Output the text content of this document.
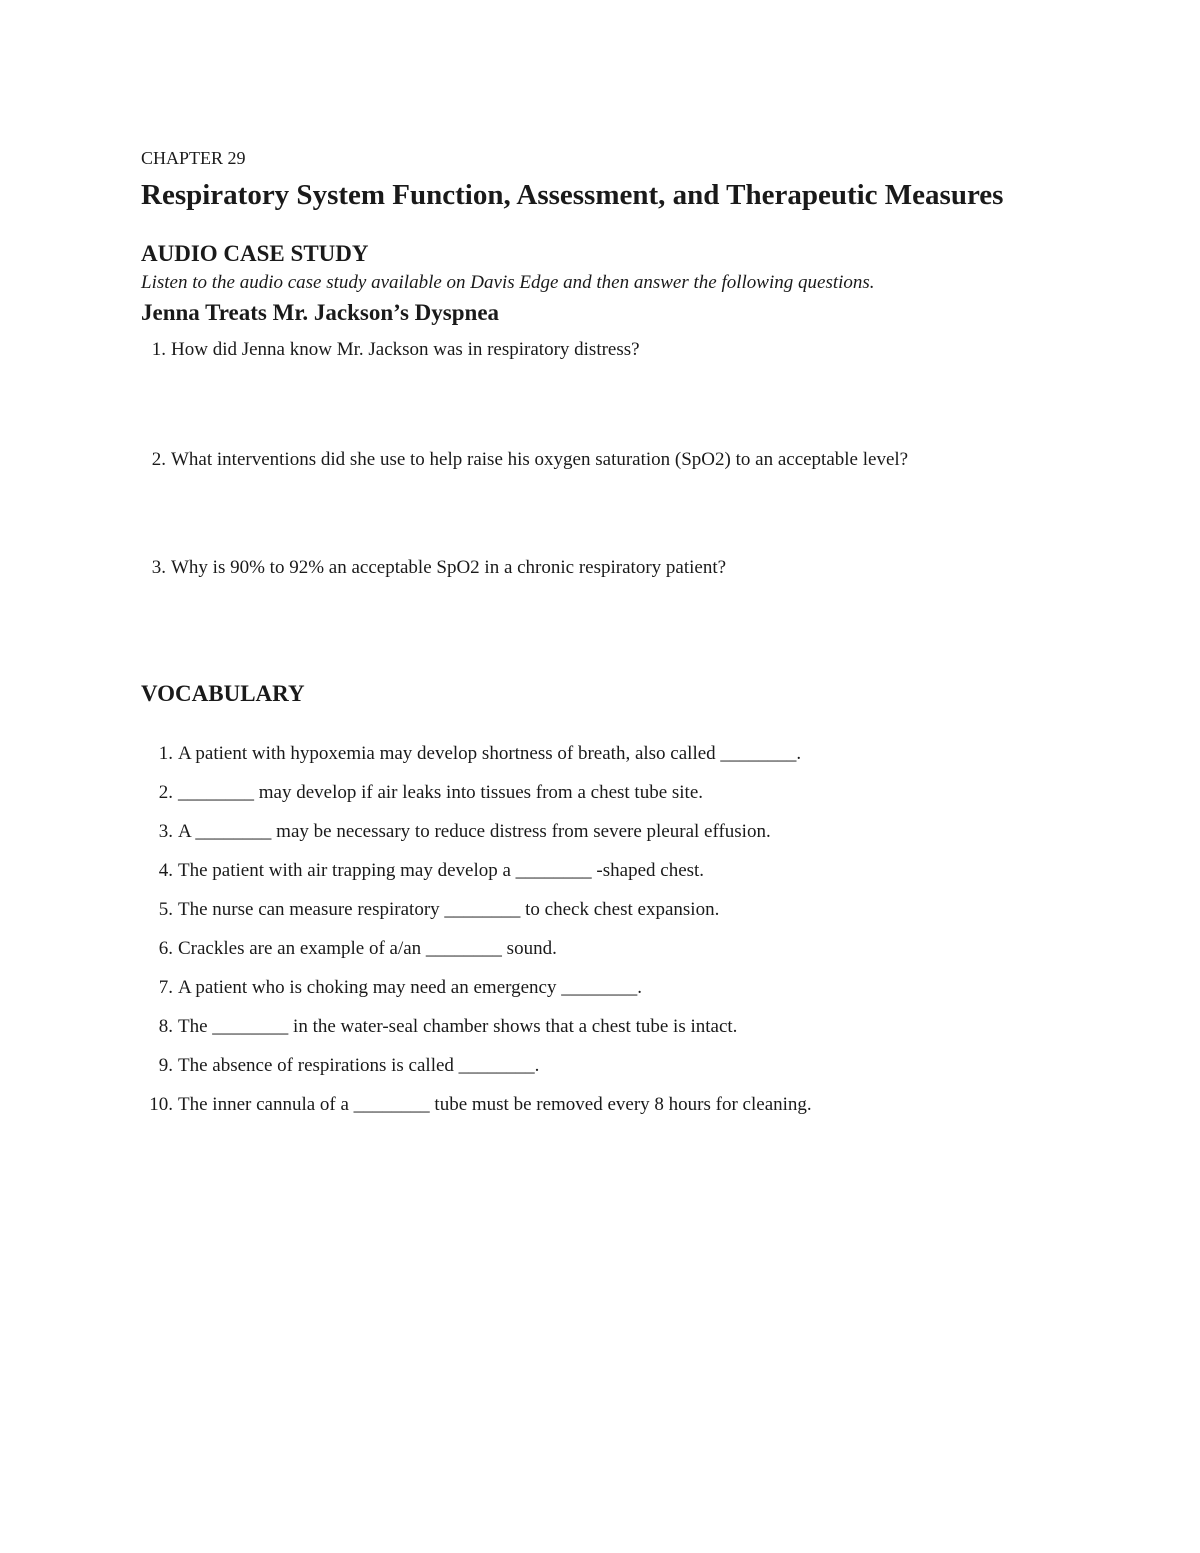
CHAPTER 29

Respiratory System Function, Assessment, and Therapeutic Measures
AUDIO CASE STUDY

Listen to the audio case study available on Davis Edge and then answer the following questions.

Jenna Treats Mr. Jackson’s Dyspnea
1. How did Jenna know Mr. Jackson was in respiratory distress?
2. What interventions did she use to help raise his oxygen saturation (SpO2) to an acceptable level?
3. Why is 90% to 92% an acceptable SpO2 in a chronic respiratory patient?
VOCABULARY
1. A patient with hypoxemia may develop shortness of breath, also called ________.
2. ________ may develop if air leaks into tissues from a chest tube site.
3. A ________ may be necessary to reduce distress from severe pleural effusion.
4. The patient with air trapping may develop a ________ -shaped chest.
5. The nurse can measure respiratory ________ to check chest expansion.
6. Crackles are an example of a/an ________ sound.
7. A patient who is choking may need an emergency ________.
8. The ________ in the water-seal chamber shows that a chest tube is intact.
9. The absence of respirations is called ________.
10. The inner cannula of a ________ tube must be removed every 8 hours for cleaning.
